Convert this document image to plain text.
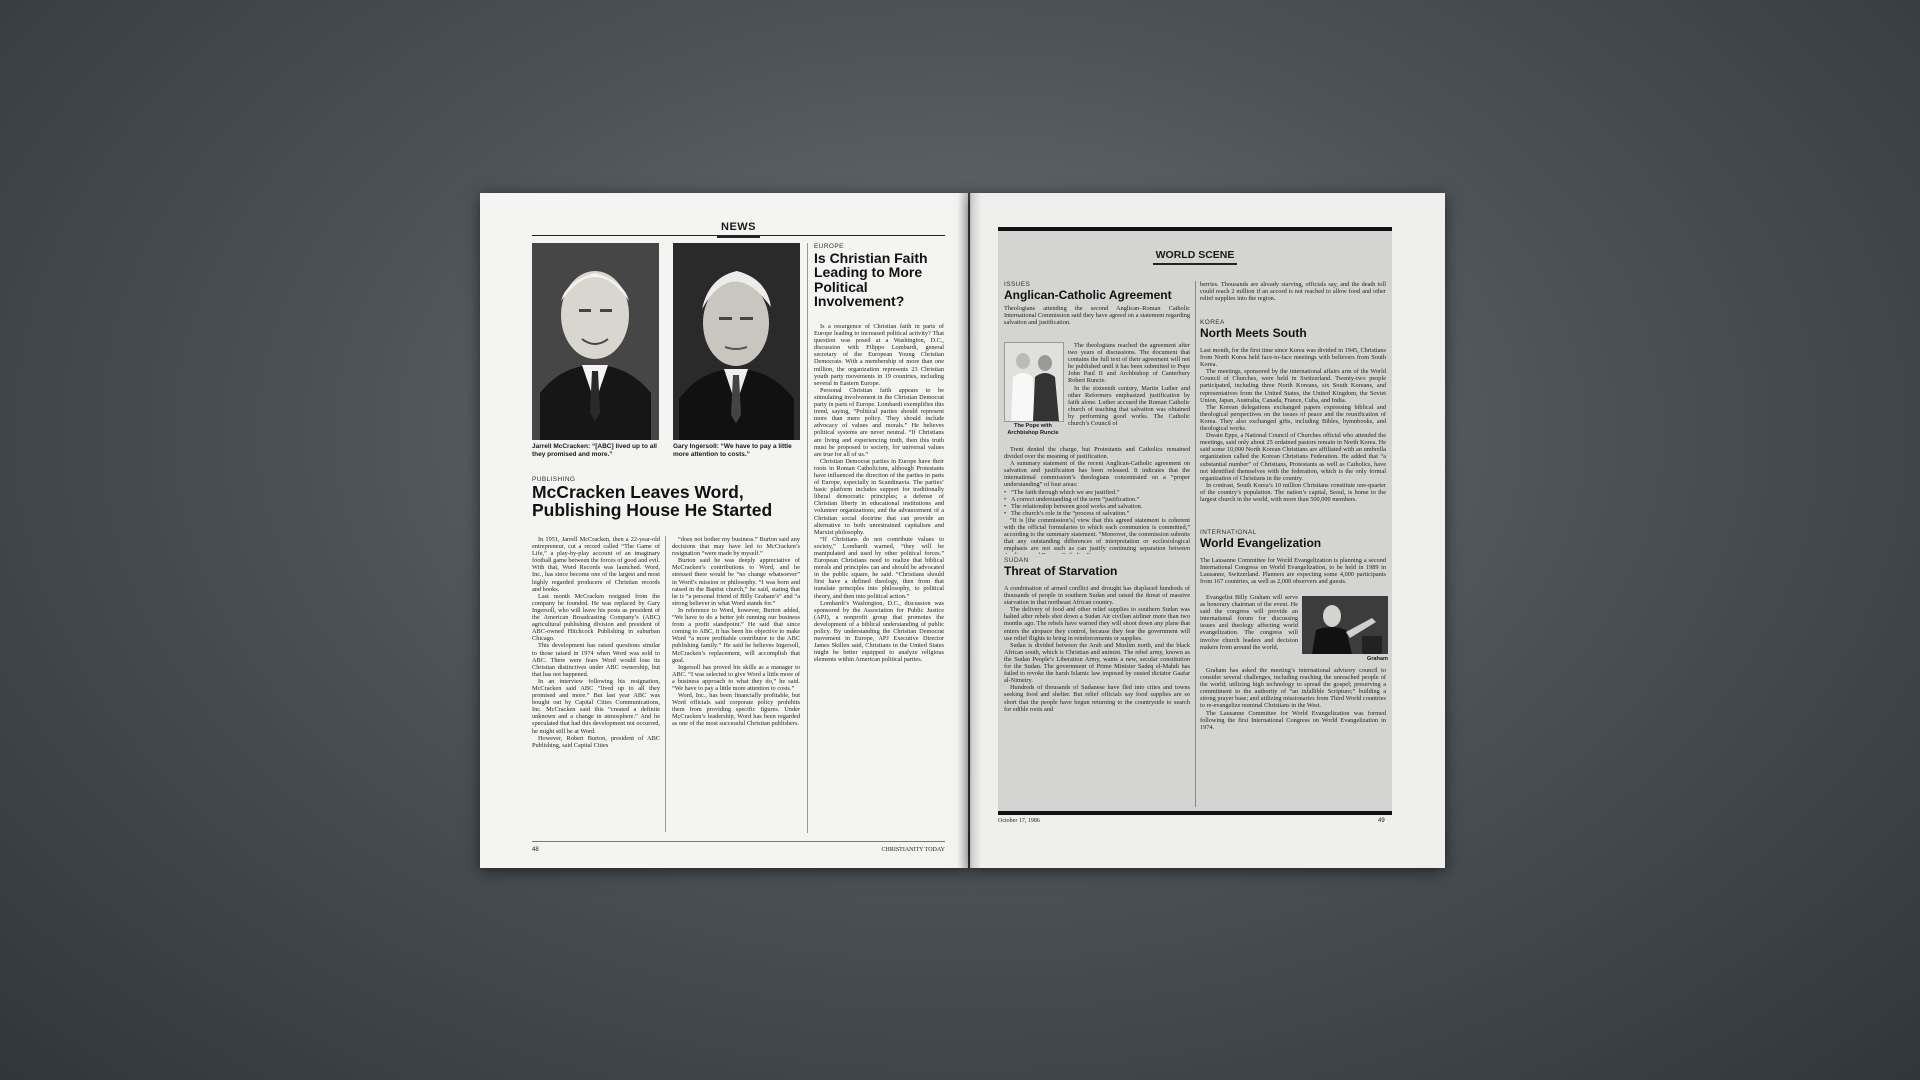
NEWS
Jarrell McCracken: “[ABC] lived up to all they promised and more.”
Gary Ingersoll: “We have to pay a little more attention to costs.”
PUBLISHING
McCracken Leaves Word, Publishing House He Started

In 1951, Jarrell McCracken, then a 22-year-old entrepreneur, cut a record called “The Game of Life,” a play-by-play account of an imaginary football game between the forces of good and evil. With that, Word Records was launched. Word, Inc., has since become one of the largest and most highly regarded producers of Christian records and books.

Last month McCracken resigned from the company he founded. He was replaced by Gary Ingersoll, who will leave his posts as president of the American Broadcasting Company’s (ABC) agricultural publishing division and president of ABC-owned Hitchcock Publishing in suburban Chicago.

This development has raised questions similar to those raised in 1974 when Word was sold to ABC. There were fears Word would lose its Christian distinctives under ABC ownership, but that has not happened.

In an interview following his resignation, McCracken said ABC “lived up to all they promised and more.” But last year ABC was bought out by Capital Cities Communications, Inc. McCracken said this “created a definite unknown and a change in atmosphere.” And he speculated that had this development not occurred, he might still be at Word.

However, Robert Burton, president of ABC Publishing, said Capital Cities

“does not bother my business.” Burton said any decisions that may have led to McCracken’s resignation “were made by myself.”

Burton said he was deeply appreciative of McCracken’s contributions to Word, and he stressed there would be “no change whatsoever” in Word’s mission or philosophy. “I was born and raised in the Baptist church,” he said, stating that he is “a personal friend of Billy Graham’s” and “a strong believer in what Word stands for.”

In reference to Word, however, Burton added, “We have to do a better job running our business from a profit standpoint.” He said that since coming to ABC, it has been his objective to make Word “a more profitable contributor to the ABC publishing family.” He said he believes Ingersoll, McCracken’s replacement, will accomplish that goal.

Ingersoll has proved his skills as a manager to ABC. “I was selected to give Word a little more of a business approach to what they do,” he said. “We have to pay a little more attention to costs.”

Word, Inc., has been financially profitable, but Word officials said corporate policy prohibits them from providing specific figures. Under McCracken’s leadership, Word has been regarded as one of the most successful Christian publishers.

EUROPE
Is Christian Faith Leading to More Political Involvement?

Is a resurgence of Christian faith in parts of Europe leading to increased political activity? That question was posed at a Washington, D.C., discussion with Filippo Lombardi, general secretary of the European Young Christian Democrats. With a membership of more than one million, the organization represents 23 Christian youth party movements in 19 countries, including several in Eastern Europe.

Personal Christian faith appears to be stimulating involvement in the Christian Democrat party in parts of Europe. Lombardi exemplifies this trend, saying, “Political parties should represent more than mere policy. They should include advocacy of values and morals.” He believes political systems are never neutral. “If Christians are living and experiencing truth, then this truth must be proposed to society, for universal values are true for all of us.”

Christian Democrat parties in Europe have their roots in Roman Catholicism, although Protestants have influenced the direction of the parties in parts of Europe, especially in Scandinavia. The parties’ basic platform includes support for traditionally liberal democratic principles; a defense of Christian liberty in educational institutions and volunteer organizations; and the advancement of a Christian social doctrine that can provide an alternative to both unrestrained capitalism and Marxist philosophy.

“If Christians do not contribute values to society,” Lombardi warned, “they will be manipulated and used by other political forces.” European Christians need to realize that biblical morals and principles can and should be advocated in the public square, he said. “Christians should first have a defined theology, then from that translate principles into philosophy, to political theory, and then into political action.”

Lombardi’s Washington, D.C., discussion was sponsored by the Association for Public Justice (APJ), a nonprofit group that promotes the development of a biblical understanding of public policy. By understanding the Christian Democrat movement in Europe, APJ Executive Director James Skillen said, Christians in the United States might be better equipped to analyze religious elements within American political parties.

48	CHRISTIANITY TODAY
WORLD SCENE
ISSUES
Anglican-Catholic Agreement
Theologians attending the second Anglican–Roman Catholic International Commission said they have agreed on a statement regarding salvation and justification.
The Pope with Archbishop Runcie

The theologians reached the agreement after two years of discussions. The document that contains the full text of their agreement will not be published until it has been submitted to Pope John Paul II and Archbishop of Canterbury Robert Runcie.

In the sixteenth century, Martin Luther and other Reformers emphasized justification by faith alone. Luther accused the Roman Catholic church of teaching that salvation was obtained by performing good works. The Catholic church’s Council of

Trent denied the charge, but Protestants and Catholics remained divided over the meaning of justification.

A summary statement of the recent Anglican-Catholic agreement on salvation and justification has been released. It indicates that the international commission’s theologians concentrated on a “proper understanding” of four areas:

• “The faith through which we are justified.”

• A correct understanding of the term “justification.”

• The relationship between good works and salvation.

• The church’s role in the “process of salvation.”

“It is [the commission’s] view that this agreed statement is coherent with the official formularies to which each communion is committed,” according to the summary statement. “Moreover, the commission submits that any outstanding differences of interpretation or ecclesiological emphasis are not such as can justify continuing separation between

SUDAN
Threat of Starvation

A combination of armed conflict and drought has displaced hundreds of thousands of people in southern Sudan and raised the threat of massive starvation in that northeast African country.

The delivery of food and other relief supplies to southern Sudan was halted after rebels shot down a Sudan Air civilian airliner more than two months ago. The rebels have warned they will shoot down any plane that enters the airspace they control, because they fear the government will use relief flights to bring in reinforcements or supplies.

Sudan is divided between the Arab and Muslim north, and the black African south, which is Christian and animist. The rebel army, known as the Sudan People’s Liberation Army, wants a new, secular constitution for the Sudan. The government of Prime Minister Sadeq el-Mahdi has failed to revoke the harsh Islamic law imposed by ousted dictator Gaafar al-Nimeiry.

Hundreds of thousands of Sudanese have fled into cities and towns seeking food and shelter. But relief officials say food supplies are so short that the people have begun returning to the countryside to search for edible roots and

berries. Thousands are already starving, officials say, and the death toll could reach 2 million if an accord is not reached to allow food and other relief supplies into the region.

KOREA
North Meets South

Last month, for the first time since Korea was divided in 1945, Christians from North Korea held face-to-face meetings with believers from South Korea.

The meetings, sponsored by the international affairs arm of the World Council of Churches, were held in Switzerland. Twenty-two people participated, including three North Koreans, six South Koreans, and representatives from the United States, the United Kingdom, the Soviet Union, Japan, Australia, Canada, France, Cuba, and India.

The Korean delegations exchanged papers expressing biblical and theological perspectives on the issues of peace and the reunification of Korea. They also exchanged gifts, including Bibles, hymnbooks, and theological works.

Dwain Epps, a National Council of Churches official who attended the meetings, said only about 25 ordained pastors remain in North Korea. He said some 10,000 North Korean Christians are affiliated with an umbrella organization called the Korean Christians Federation. He added that “a substantial number” of Christians, Protestants as well as Catholics, have not identified themselves with the federation, which is the only formal organization of Christians in the country.

In contrast, South Korea’s 10 million Christians constitute one-quarter of the country’s population. The nation’s capital, Seoul, is home to the largest church in the world, with more than 500,000 members.

INTERNATIONAL
World Evangelization

The Lausanne Committee for World Evangelization is planning a second International Congress on World Evangelization, to be held in 1989 in Lausanne, Switzerland. Planners are expecting some 4,000 participants from 167 countries, as well as 2,000 observers and guests.

Evangelist Billy Graham will serve as honorary chairman of the event. He said the congress will provide an international forum for discussing issues and theology affecting world evangelization. The congress will involve church leaders and decision makers from around the world.

Graham

Graham has asked the meeting’s international advisory council to consider several challenges, including reaching the unreached people of the world; utilizing high technology to spread the gospel; preserving a commitment to the authority of “an infallible Scripture;” building a strong prayer base; and utilizing missionaries from Third World countries to re-evangelize nominal Christians in the West.

The Lausanne Committee for World Evangelization was formed following the first International Congress on World Evangelization in 1974.

October 17, 1986	49
